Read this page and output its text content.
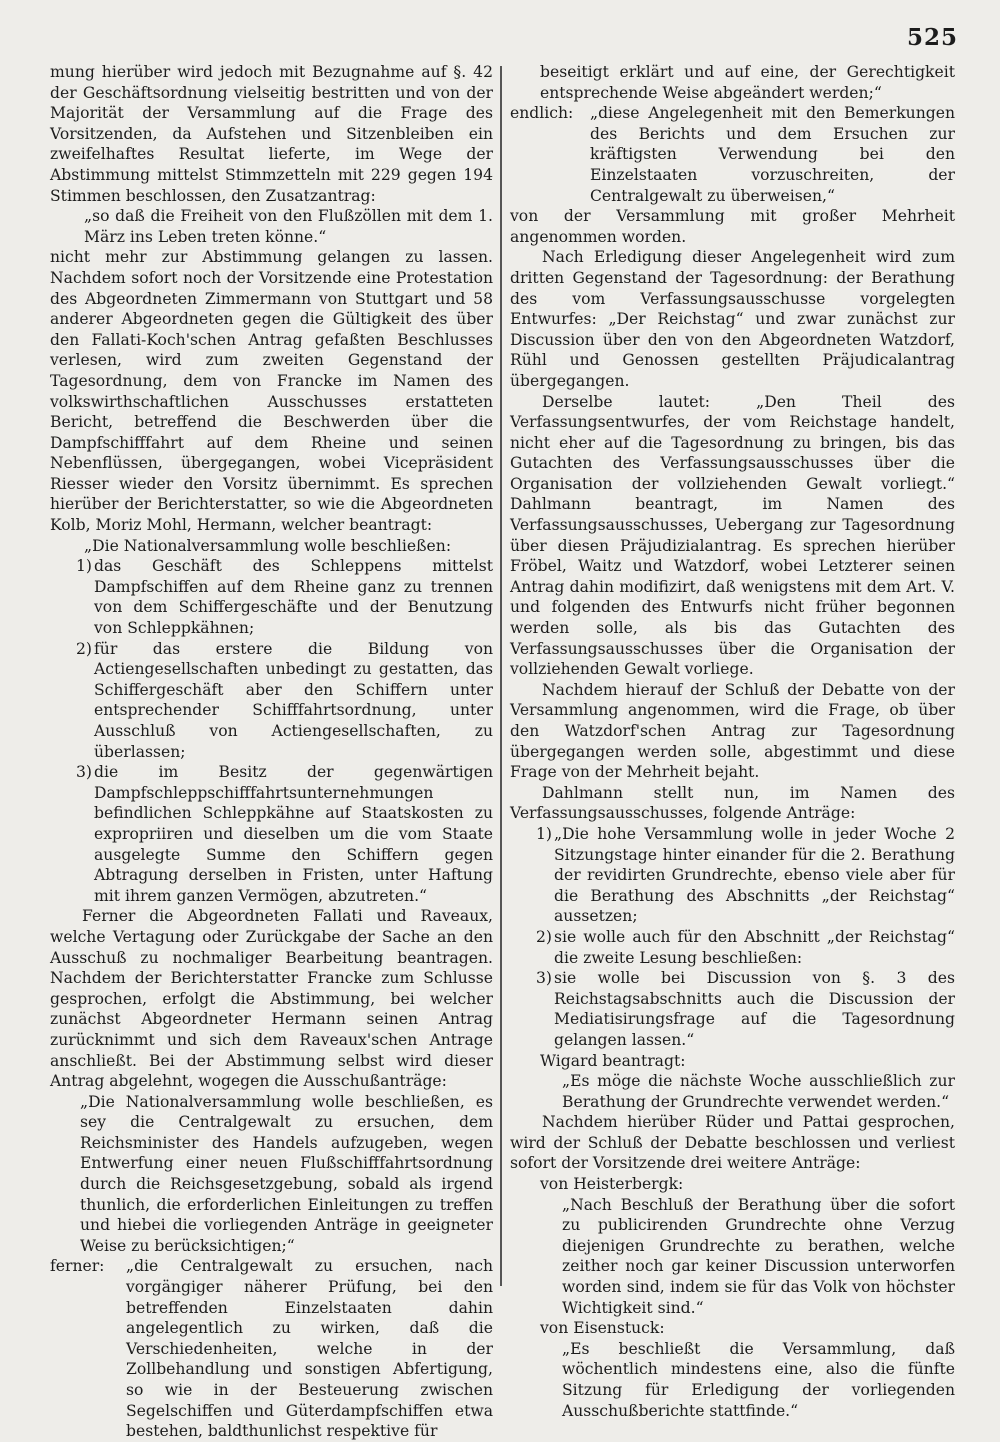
525

mung hierüber wird jedoch mit Bezugnahme auf §. 42 der Geschäftsordnung vielseitig bestritten und von der Majorität der Versammlung auf die Frage des Vorsitzenden, da Aufstehen und Sitzenbleiben ein zweifelhaftes Resultat lieferte, im Wege der Abstimmung mittelst Stimmzetteln mit 229 gegen 194 Stimmen beschlossen, den Zusatzantrag:

„so daß die Freiheit von den Flußzöllen mit dem 1. März ins Leben treten könne.“

nicht mehr zur Abstimmung gelangen zu lassen. Nachdem sofort noch der Vorsitzende eine Protestation des Abgeordneten Zimmermann von Stuttgart und 58 anderer Abgeordneten gegen die Gültigkeit des über den Fallati-Koch'schen Antrag gefaßten Beschlusses verlesen, wird zum zweiten Gegenstand der Tagesordnung, dem von Francke im Namen des volkswirthschaftlichen Ausschusses erstatteten Bericht, betreffend die Beschwerden über die Dampfschifffahrt auf dem Rheine und seinen Nebenflüssen, übergegangen, wobei Vicepräsident Riesser wieder den Vorsitz übernimmt. Es sprechen hierüber der Berichterstatter, so wie die Abgeordneten Kolb, Moriz Mohl, Hermann, welcher beantragt:

„Die Nationalversammlung wolle beschließen:

1) das Geschäft des Schleppens mittelst Dampfschiffen auf dem Rheine ganz zu trennen von dem Schiffergeschäfte und der Benutzung von Schleppkähnen;
2) für das erstere die Bildung von Actiengesellschaften unbedingt zu gestatten, das Schiffergeschäft aber den Schiffern unter entsprechender Schifffahrtsordnung, unter Ausschluß von Actiengesellschaften, zu überlassen;
3) die im Besitz der gegenwärtigen Dampfschleppschifffahrtsunternehmungen befindlichen Schleppkähne auf Staatskosten zu expropriiren und dieselben um die vom Staate ausgelegte Summe den Schiffern gegen Abtragung derselben in Fristen, unter Haftung mit ihrem ganzen Vermögen, abzutreten.“

Ferner die Abgeordneten Fallati und Raveaux, welche Vertagung oder Zurückgabe der Sache an den Ausschuß zu nochmaliger Bearbeitung beantragen. Nachdem der Berichterstatter Francke zum Schlusse gesprochen, erfolgt die Abstimmung, bei welcher zunächst Abgeordneter Hermann seinen Antrag zurücknimmt und sich dem Raveaux'schen Antrage anschließt. Bei der Abstimmung selbst wird dieser Antrag abgelehnt, wogegen die Ausschußanträge:

„Die Nationalversammlung wolle beschließen, es sey die Centralgewalt zu ersuchen, dem Reichsminister des Handels aufzugeben, wegen Entwerfung einer neuen Flußschifffahrtsordnung durch die Reichsgesetzgebung, sobald als irgend thunlich, die erforderlichen Einleitungen zu treffen und hiebei die vorliegenden Anträge in geeigneter Weise zu berücksichtigen;“

ferner:	„die Centralgewalt zu ersuchen, nach vorgängiger näherer Prüfung, bei den betreffenden Einzelstaaten dahin angelegentlich zu wirken, daß die Verschiedenheiten, welche in der Zollbehandlung und sonstigen Abfertigung, so wie in der Besteuerung zwischen Segelschiffen und Güterdampfschiffen etwa bestehen, baldthunlichst respektive für

beseitigt erklärt und auf eine, der Gerechtigkeit entsprechende Weise abgeändert werden;“

endlich:	„diese Angelegenheit mit den Bemerkungen des Berichts und dem Ersuchen zur kräftigsten Verwendung bei den Einzelstaaten vorzuschreiten, der Centralgewalt zu überweisen,“

von der Versammlung mit großer Mehrheit angenommen worden.

Nach Erledigung dieser Angelegenheit wird zum dritten Gegenstand der Tagesordnung: der Berathung des vom Verfassungsausschusse vorgelegten Entwurfes: „Der Reichstag“ und zwar zunächst zur Discussion über den von den Abgeordneten Watzdorf, Rühl und Genossen gestellten Präjudicalantrag übergegangen.

Derselbe lautet: „Den Theil des Verfassungsentwurfes, der vom Reichstage handelt, nicht eher auf die Tagesordnung zu bringen, bis das Gutachten des Verfassungsausschusses über die Organisation der vollziehenden Gewalt vorliegt.“ Dahlmann beantragt, im Namen des Verfassungsausschusses, Uebergang zur Tagesordnung über diesen Präjudizialantrag. Es sprechen hierüber Fröbel, Waitz und Watzdorf, wobei Letzterer seinen Antrag dahin modifizirt, daß wenigstens mit dem Art. V. und folgenden des Entwurfs nicht früher begonnen werden solle, als bis das Gutachten des Verfassungsausschusses über die Organisation der vollziehenden Gewalt vorliege.

Nachdem hierauf der Schluß der Debatte von der Versammlung angenommen, wird die Frage, ob über den Watzdorf'schen Antrag zur Tagesordnung übergegangen werden solle, abgestimmt und diese Frage von der Mehrheit bejaht.

Dahlmann stellt nun, im Namen des Verfassungsausschusses, folgende Anträge:

1) „Die hohe Versammlung wolle in jeder Woche 2 Sitzungstage hinter einander für die 2. Berathung der revidirten Grundrechte, ebenso viele aber für die Berathung des Abschnitts „der Reichstag“ aussetzen;
2) sie wolle auch für den Abschnitt „der Reichstag“ die zweite Lesung beschließen:
3) sie wolle bei Discussion von §. 3 des Reichstagsabschnitts auch die Discussion der Mediatisirungsfrage auf die Tagesordnung gelangen lassen.“

Wigard beantragt:

„Es möge die nächste Woche ausschließlich zur Berathung der Grundrechte verwendet werden.“

Nachdem hierüber Rüder und Pattai gesprochen, wird der Schluß der Debatte beschlossen und verliest sofort der Vorsitzende drei weitere Anträge:

von Heisterbergk:

„Nach Beschluß der Berathung über die sofort zu publicirenden Grundrechte ohne Verzug diejenigen Grundrechte zu berathen, welche zeither noch gar keiner Discussion unterworfen worden sind, indem sie für das Volk von höchster Wichtigkeit sind.“

von Eisenstuck:

„Es beschließt die Versammlung, daß wöchentlich mindestens eine, also die fünfte Sitzung für Erledigung der vorliegenden Ausschußberichte stattfinde.“
